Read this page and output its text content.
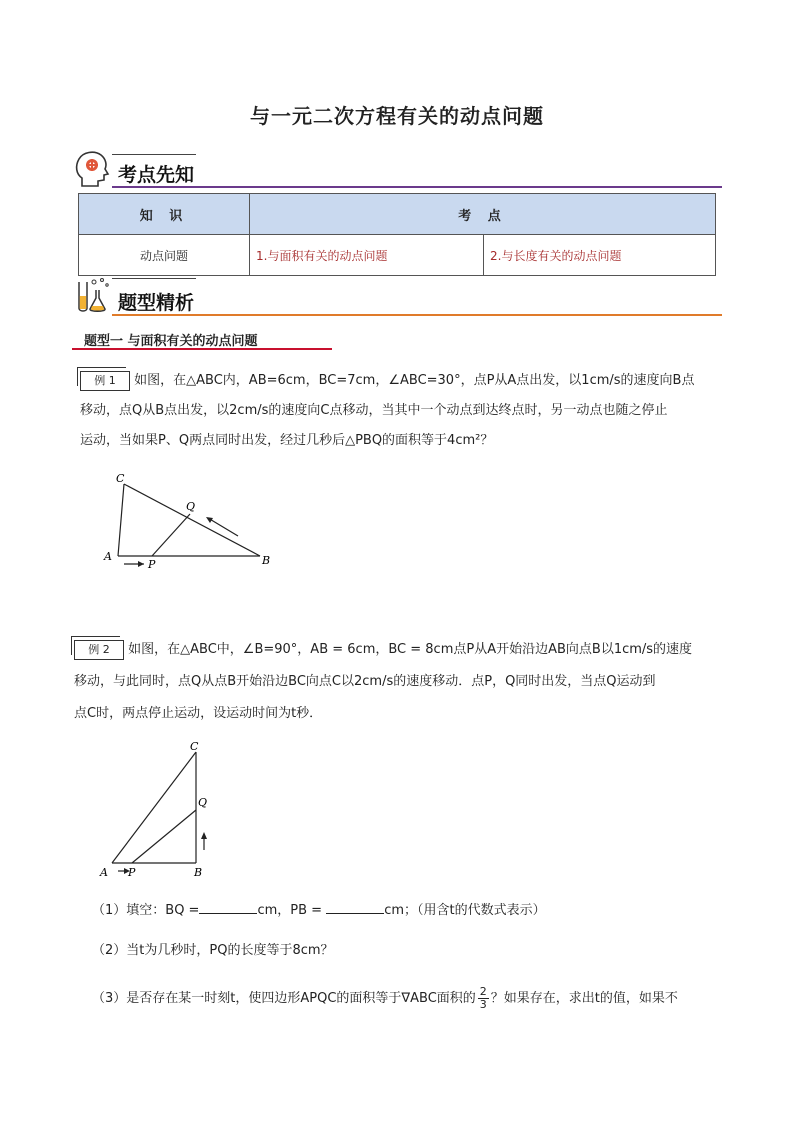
与一元二次方程有关的动点问题
考点先知
知 识	考 点	
动点问题	1.与面积有关的动点问题	2.与长度有关的动点问题
题型精析
题型一 与面积有关的动点问题
例 1 如图，在△ABC内，AB=6cm，BC=7cm，∠ABC=30°，点P从A点出发，以1cm/s的速度向B点
移动，点Q从B点出发，以2cm/s的速度向C点移动，当其中一个动点到达终点时，另一动点也随之停止
运动，当如果P、Q两点同时出发，经过几秒后△PBQ的面积等于4cm²？
C
A	B
P
Q
例 2 如图，在△ABC中，∠B=90°，AB = 6cm，BC = 8cm点P从A开始沿边AB向点B以1cm/s的速度
移动，与此同时，点Q从点B开始沿边BC向点C以2cm/s的速度移动．点P，Q同时出发，当点Q运动到
点C时，两点停止运动，设运动时间为t秒．
C
Q
A P	B
（1）填空：BQ =	cm，PB =	cm；（用含t的代数式表示）
（2）当t为几秒时，PQ的长度等于8cm？
（3）是否存在某一时刻t，使四边形APQC的面积等于∇ABC面积的 $\frac{2}{3}$ ？如果存在，求出t的值，如果不
